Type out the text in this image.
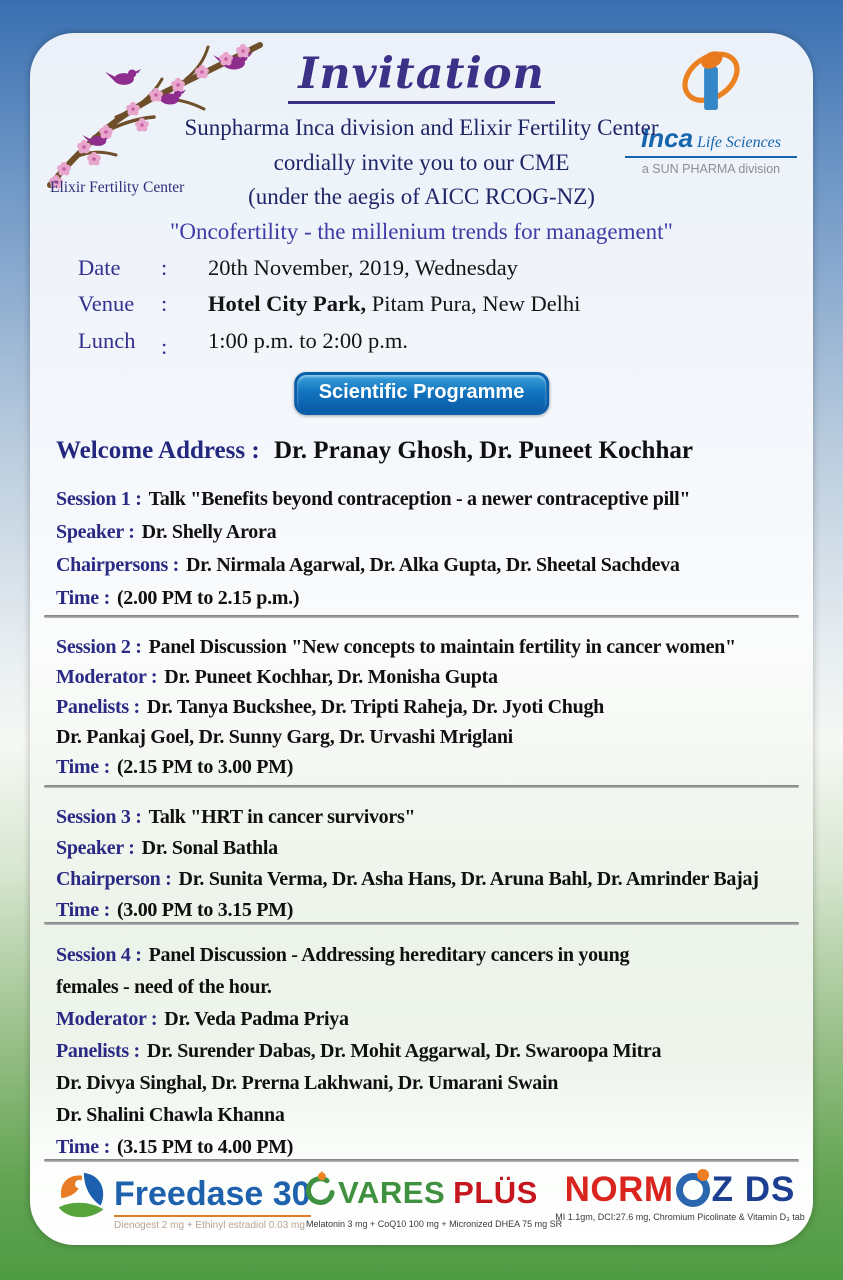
Elixir Fertility Center
Invitation
Inca Life Sciences
a SUN PHARMA division
Sunpharma Inca division and Elixir Fertility Center
cordially invite you to our CME
(under the aegis of AICC RCOG-NZ)
"Oncofertility - the millenium trends for management"
Date : 20th November, 2019, Wednesday
Venue : Hotel City Park, Pitam Pura, New Delhi
Lunch : 1:00 p.m. to 2:00 p.m.
Scientific Programme
Welcome Address : Dr. Pranay Ghosh, Dr. Puneet Kochhar
Session 1 : Talk "Benefits beyond contraception - a newer contraceptive pill"
Speaker : Dr. Shelly Arora
Chairpersons : Dr. Nirmala Agarwal, Dr. Alka Gupta, Dr. Sheetal Sachdeva
Time : (2.00 PM to 2.15 p.m.)
Session 2 : Panel Discussion "New concepts to maintain fertility in cancer women"
Moderator : Dr. Puneet Kochhar, Dr. Monisha Gupta
Panelists : Dr. Tanya Buckshee, Dr. Tripti Raheja, Dr. Jyoti Chugh
Dr. Pankaj Goel, Dr. Sunny Garg, Dr. Urvashi Mriglani
Time : (2.15 PM to 3.00 PM)
Session 3 : Talk "HRT in cancer survivors"
Speaker : Dr. Sonal Bathla
Chairperson : Dr. Sunita Verma, Dr. Asha Hans, Dr. Aruna Bahl, Dr. Amrinder Bajaj
Time : (3.00 PM to 3.15 PM)
Session 4 : Panel Discussion - Addressing hereditary cancers in young
females - need of the hour.
Moderator : Dr. Veda Padma Priya
Panelists : Dr. Surender Dabas, Dr. Mohit Aggarwal, Dr. Swaroopa Mitra
Dr. Divya Singhal, Dr. Prerna Lakhwani, Dr. Umarani Swain
Dr. Shalini Chawla Khanna
Time : (3.15 PM to 4.00 PM)
Freedase 30
Dienogest 2 mg + Ethinyl estradiol 0.03 mg
VARES PLÜS
Melatonin 3 mg + CoQ10 100 mg + Micronized DHEA 75 mg SR
NORM Z DS
MI 1.1gm, DCI:27.6 mg, Chromium Picolinate & Vitamin D₃ tab
